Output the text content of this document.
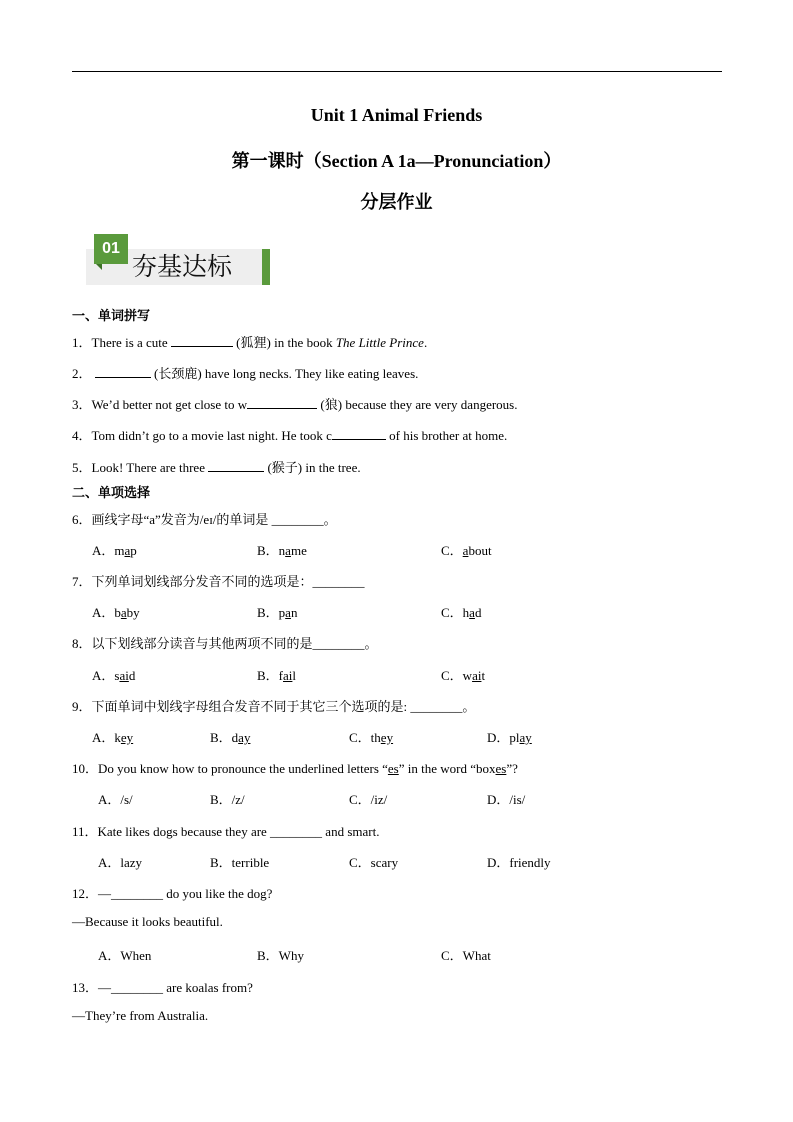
Unit 1 Animal Friends
第一课时（Section A 1a—Pronunciation）
分层作业
01
夯基达标
一、单词拼写
1．There is a cute	(狐狸) in the book The Little Prince.
2．	(长颈鹿) have long necks. They like eating leaves.
3．We’d better not get close to w	(狼) because they are very dangerous.
4．Tom didn’t go to a movie last night. He took c	of his brother at home.
5．Look! There are three	(猴子) in the tree.
二、单项选择
6．画线字母“a”发音为/eɪ/的单词是 ________。
A．map	B．name	C．about
7．下列单词划线部分发音不同的选项是：________
A．baby	B．pan	C．had
8．以下划线部分读音与其他两项不同的是________。
A．said	B．fail	C．wait
9．下面单词中划线字母组合发音不同于其它三个选项的是: ________。
A．key	B．day	C．they	D．play
10．Do you know how to pronounce the underlined letters “es” in the word “boxes”?
A．/s/	B．/z/	C．/iz/	D．/is/
11．Kate likes dogs because they are ________ and smart.
A．lazy	B．terrible	C．scary	D．friendly
12．—________ do you like the dog?
—Because it looks beautiful.
A．When	B．Why	C．What
13．—________ are koalas from?
—They’re from Australia.
